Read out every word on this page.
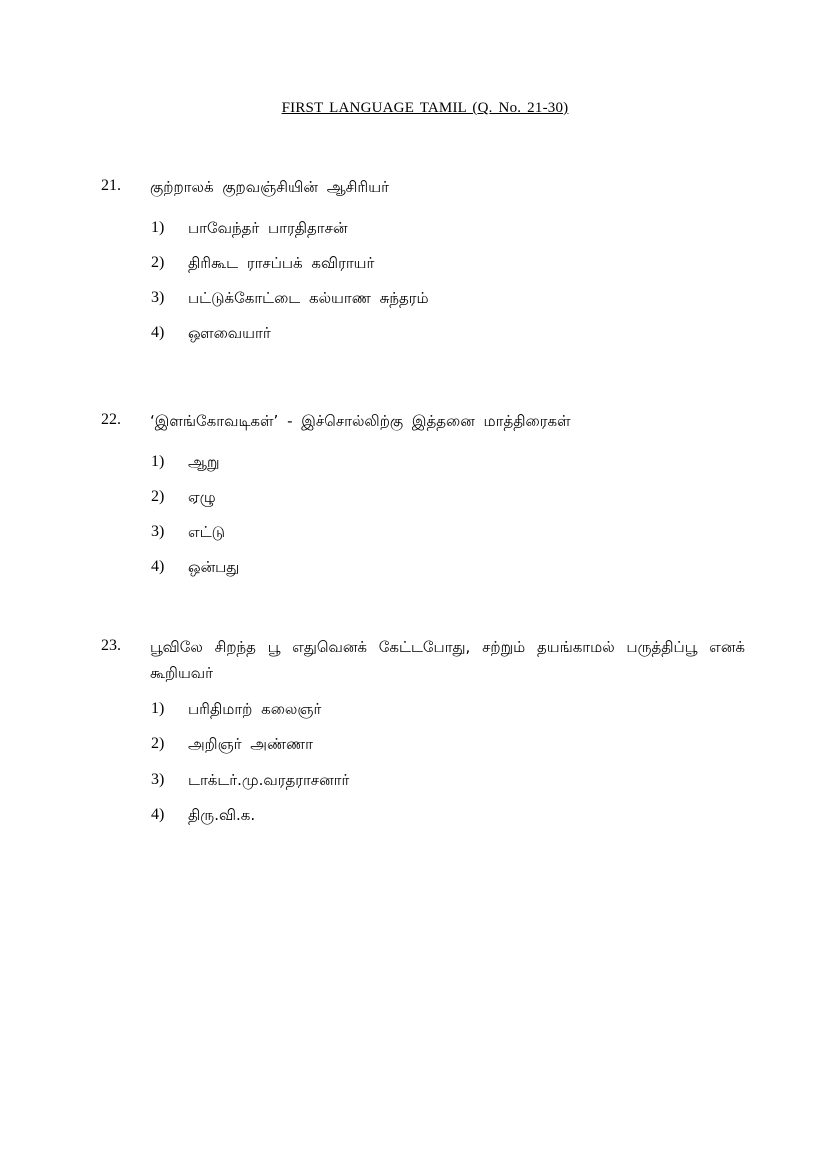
FIRST LANGUAGE TAMIL (Q. No. 21-30)
21. குற்றாலக் குறவஞ்சியின் ஆசிரியர்
1) பாவேந்தர் பாரதிதாசன்
2) திரிகூட ராசப்பக் கவிராயர்
3) பட்டுக்கோட்டை கல்யாண சுந்தரம்
4) ஔவையார்
22. ‘இளங்கோவடிகள்’ - இச்சொல்லிற்கு இத்தனை மாத்திரைகள்
1) ஆறு
2) ஏழு
3) எட்டு
4) ஒன்பது
23. பூவிலே சிறந்த பூ எதுவெனக் கேட்டபோது, சற்றும் தயங்காமல் பருத்திப்பூ எனக் கூறியவர்
1) பரிதிமாற் கலைஞர்
2) அறிஞர் அண்ணா
3) டாக்டர்.மு.வரதராசனார்
4) திரு.வி.க.
